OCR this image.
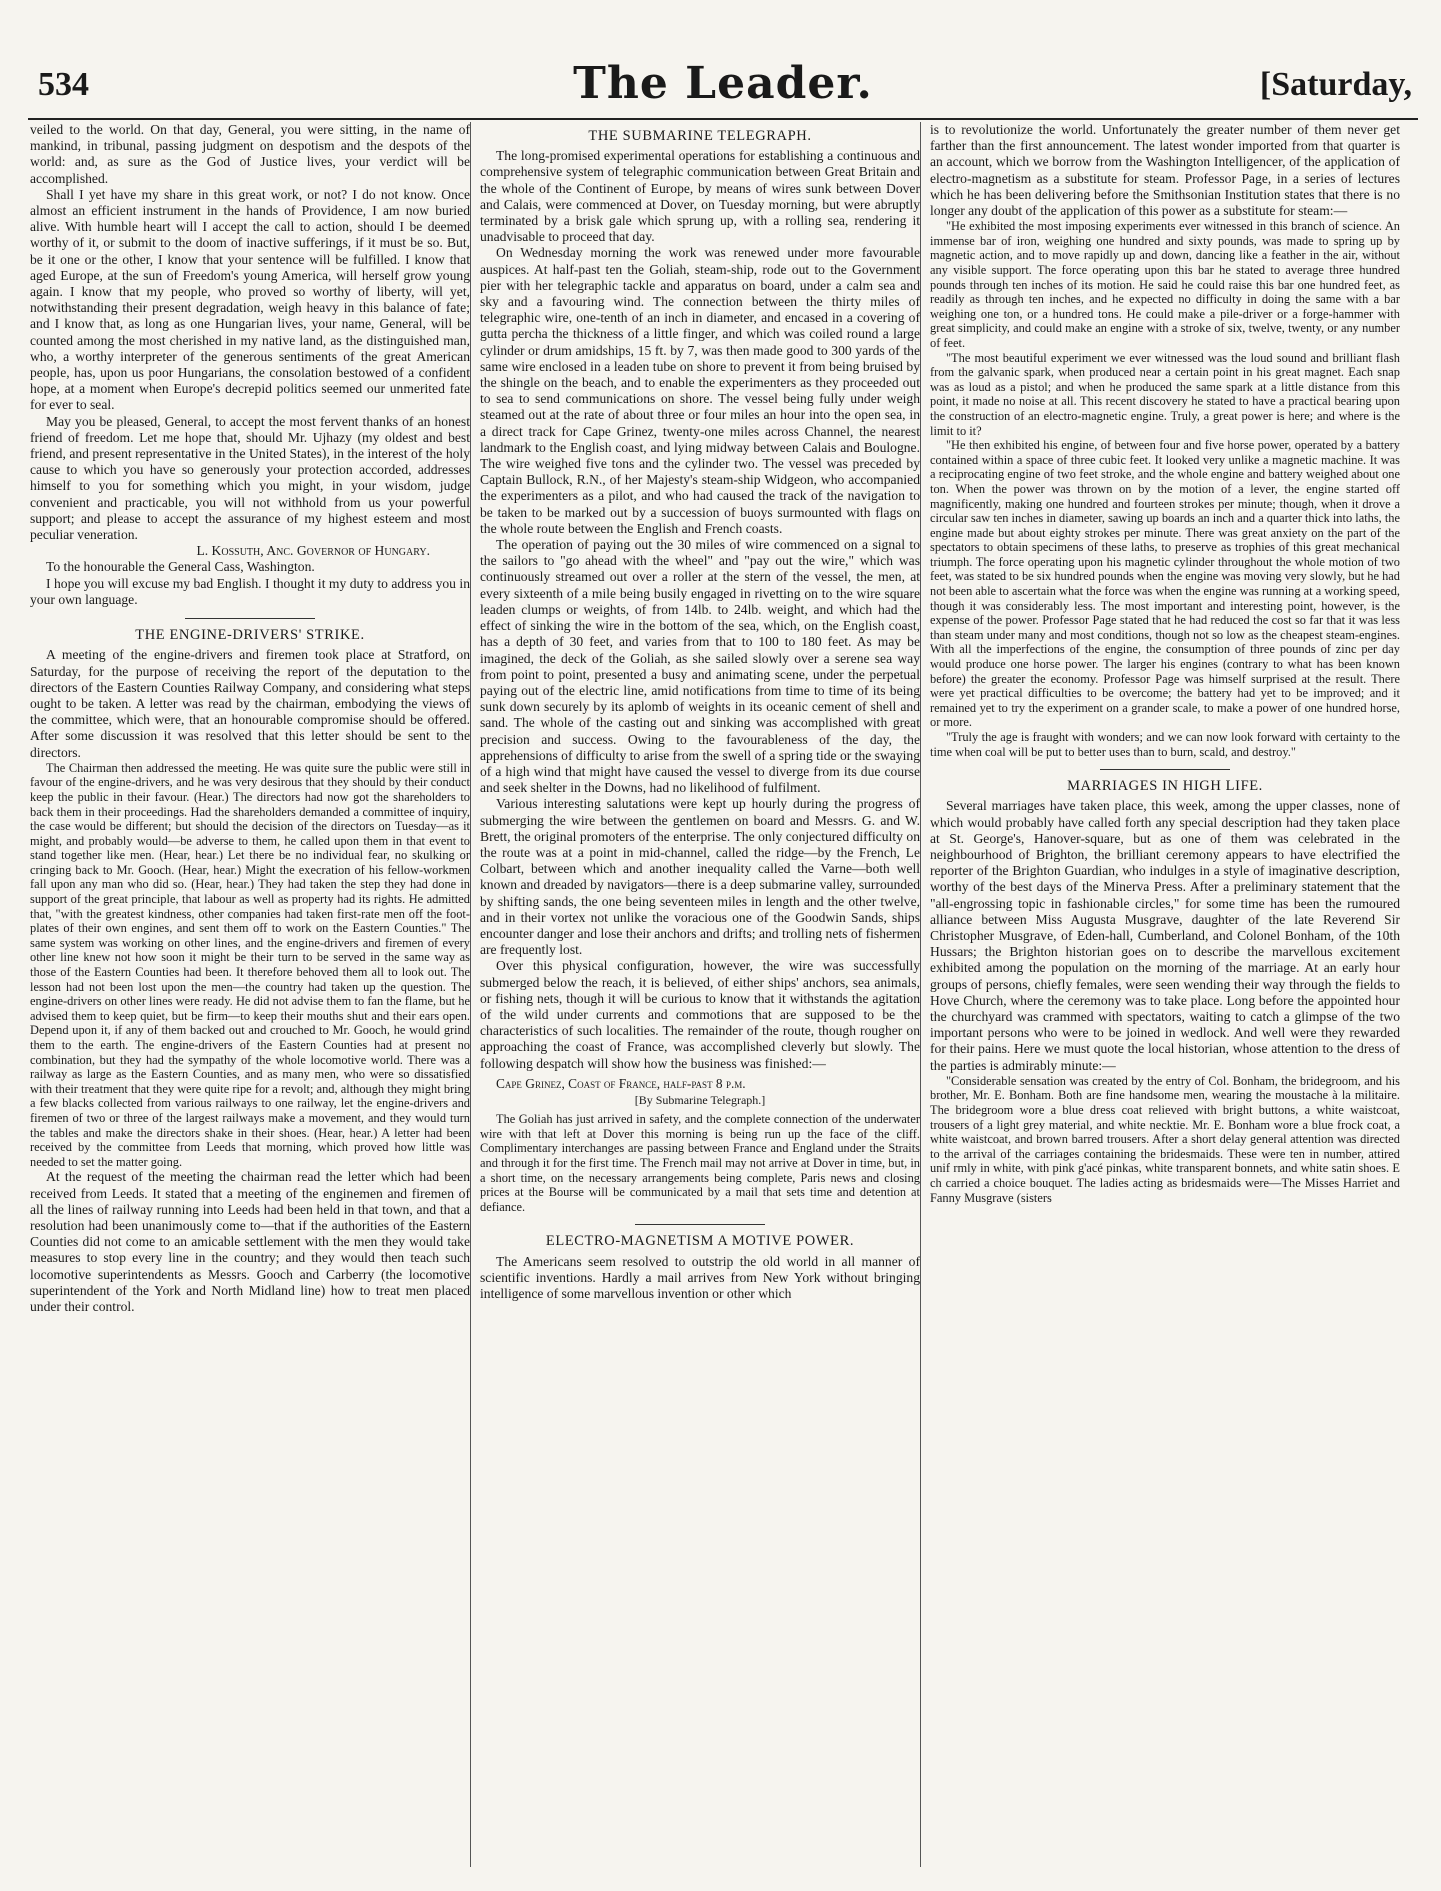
534	The Leader.	[Saturday,

veiled to the world. On that day, General, you were sitting, in the name of mankind, in tribunal, passing judgment on despotism and the despots of the world: and, as sure as the God of Justice lives, your verdict will be accomplished.

Shall I yet have my share in this great work, or not? I do not know. Once almost an efficient instrument in the hands of Providence, I am now buried alive. With humble heart will I accept the call to action, should I be deemed worthy of it, or submit to the doom of inactive sufferings, if it must be so. But, be it one or the other, I know that your sentence will be fulfilled. I know that aged Europe, at the sun of Freedom's young America, will herself grow young again. I know that my people, who proved so worthy of liberty, will yet, notwithstanding their present degradation, weigh heavy in this balance of fate; and I know that, as long as one Hungarian lives, your name, General, will be counted among the most cherished in my native land, as the distinguished man, who, a worthy interpreter of the generous sentiments of the great American people, has, upon us poor Hungarians, the consolation bestowed of a confident hope, at a moment when Europe's decrepid politics seemed our unmerited fate for ever to seal.

May you be pleased, General, to accept the most fervent thanks of an honest friend of freedom. Let me hope that, should Mr. Ujhazy (my oldest and best friend, and present representative in the United States), in the interest of the holy cause to which you have so generously your protection accorded, addresses himself to you for something which you might, in your wisdom, judge convenient and practicable, you will not withhold from us your powerful support; and please to accept the assurance of my highest esteem and most peculiar veneration.

L. Kossuth, Anc. Governor of Hungary.

To the honourable the General Cass, Washington.

I hope you will excuse my bad English. I thought it my duty to address you in your own language.

THE ENGINE-DRIVERS' STRIKE.

A meeting of the engine-drivers and firemen took place at Stratford, on Saturday, for the purpose of receiving the report of the deputation to the directors of the Eastern Counties Railway Company, and considering what steps ought to be taken. A letter was read by the chairman, embodying the views of the committee, which were, that an honourable compromise should be offered. After some discussion it was resolved that this letter should be sent to the directors.

The Chairman then addressed the meeting. He was quite sure the public were still in favour of the engine-drivers, and he was very desirous that they should by their conduct keep the public in their favour. (Hear.) The directors had now got the shareholders to back them in their proceedings. Had the shareholders demanded a committee of inquiry, the case would be different; but should the decision of the directors on Tuesday—as it might, and probably would—be adverse to them, he called upon them in that event to stand together like men. (Hear, hear.) Let there be no individual fear, no skulking or cringing back to Mr. Gooch. (Hear, hear.) Might the execration of his fellow-workmen fall upon any man who did so. (Hear, hear.) They had taken the step they had done in support of the great principle, that labour as well as property had its rights. He admitted that, "with the greatest kindness, other companies had taken first-rate men off the foot-plates of their own engines, and sent them off to work on the Eastern Counties." The same system was working on other lines, and the engine-drivers and firemen of every other line knew not how soon it might be their turn to be served in the same way as those of the Eastern Counties had been. It therefore behoved them all to look out. The lesson had not been lost upon the men—the country had taken up the question. The engine-drivers on other lines were ready. He did not advise them to fan the flame, but he advised them to keep quiet, but be firm—to keep their mouths shut and their ears open. Depend upon it, if any of them backed out and crouched to Mr. Gooch, he would grind them to the earth. The engine-drivers of the Eastern Counties had at present no combination, but they had the sympathy of the whole locomotive world. There was a railway as large as the Eastern Counties, and as many men, who were so dissatisfied with their treatment that they were quite ripe for a revolt; and, although they might bring a few blacks collected from various railways to one railway, let the engine-drivers and firemen of two or three of the largest railways make a movement, and they would turn the tables and make the directors shake in their shoes. (Hear, hear.) A letter had been received by the committee from Leeds that morning, which proved how little was needed to set the matter going.

At the request of the meeting the chairman read the letter which had been received from Leeds. It stated that a meeting of the enginemen and firemen of all the lines of railway running into Leeds had been held in that town, and that a resolution had been unanimously come to—that if the authorities of the Eastern Counties did not come to an amicable settlement with the men they would take measures to stop every line in the country; and they would then teach such locomotive superintendents as Messrs. Gooch and Carberry (the locomotive superintendent of the York and North Midland line) how to treat men placed under their control.

THE SUBMARINE TELEGRAPH.

The long-promised experimental operations for establishing a continuous and comprehensive system of telegraphic communication between Great Britain and the whole of the Continent of Europe, by means of wires sunk between Dover and Calais, were commenced at Dover, on Tuesday morning, but were abruptly terminated by a brisk gale which sprung up, with a rolling sea, rendering it unadvisable to proceed that day.

On Wednesday morning the work was renewed under more favourable auspices. At half-past ten the Goliah, steam-ship, rode out to the Government pier with her telegraphic tackle and apparatus on board, under a calm sea and sky and a favouring wind. The connection between the thirty miles of telegraphic wire, one-tenth of an inch in diameter, and encased in a covering of gutta percha the thickness of a little finger, and which was coiled round a large cylinder or drum amidships, 15 ft. by 7, was then made good to 300 yards of the same wire enclosed in a leaden tube on shore to prevent it from being bruised by the shingle on the beach, and to enable the experimenters as they proceeded out to sea to send communications on shore. The vessel being fully under weigh steamed out at the rate of about three or four miles an hour into the open sea, in a direct track for Cape Grinez, twenty-one miles across Channel, the nearest landmark to the English coast, and lying midway between Calais and Boulogne. The wire weighed five tons and the cylinder two. The vessel was preceded by Captain Bullock, R.N., of her Majesty's steam-ship Widgeon, who accompanied the experimenters as a pilot, and who had caused the track of the navigation to be taken to be marked out by a succession of buoys surmounted with flags on the whole route between the English and French coasts.

The operation of paying out the 30 miles of wire commenced on a signal to the sailors to "go ahead with the wheel" and "pay out the wire," which was continuously streamed out over a roller at the stern of the vessel, the men, at every sixteenth of a mile being busily engaged in rivetting on to the wire square leaden clumps or weights, of from 14lb. to 24lb. weight, and which had the effect of sinking the wire in the bottom of the sea, which, on the English coast, has a depth of 30 feet, and varies from that to 100 to 180 feet. As may be imagined, the deck of the Goliah, as she sailed slowly over a serene sea way from point to point, presented a busy and animating scene, under the perpetual paying out of the electric line, amid notifications from time to time of its being sunk down securely by its aplomb of weights in its oceanic cement of shell and sand. The whole of the casting out and sinking was accomplished with great precision and success. Owing to the favourableness of the day, the apprehensions of difficulty to arise from the swell of a spring tide or the swaying of a high wind that might have caused the vessel to diverge from its due course and seek shelter in the Downs, had no likelihood of fulfilment.

Various interesting salutations were kept up hourly during the progress of submerging the wire between the gentlemen on board and Messrs. G. and W. Brett, the original promoters of the enterprise. The only conjectured difficulty on the route was at a point in mid-channel, called the ridge—by the French, Le Colbart, between which and another inequality called the Varne—both well known and dreaded by navigators—there is a deep submarine valley, surrounded by shifting sands, the one being seventeen miles in length and the other twelve, and in their vortex not unlike the voracious one of the Goodwin Sands, ships encounter danger and lose their anchors and drifts; and trolling nets of fishermen are frequently lost.

Over this physical configuration, however, the wire was successfully submerged below the reach, it is believed, of either ships' anchors, sea animals, or fishing nets, though it will be curious to know that it withstands the agitation of the wild under currents and commotions that are supposed to be the characteristics of such localities. The remainder of the route, though rougher on approaching the coast of France, was accomplished cleverly but slowly. The following despatch will show how the business was finished:—

Cape Grinez, Coast of France, half-past 8 p.m.

[By Submarine Telegraph.]

The Goliah has just arrived in safety, and the complete connection of the underwater wire with that left at Dover this morning is being run up the face of the cliff. Complimentary interchanges are passing between France and England under the Straits and through it for the first time. The French mail may not arrive at Dover in time, but, in a short time, on the necessary arrangements being complete, Paris news and closing prices at the Bourse will be communicated by a mail that sets time and detention at defiance.

ELECTRO-MAGNETISM A MOTIVE POWER.

The Americans seem resolved to outstrip the old world in all manner of scientific inventions. Hardly a mail arrives from New York without bringing intelligence of some marvellous invention or other which

is to revolutionize the world. Unfortunately the greater number of them never get farther than the first announcement. The latest wonder imported from that quarter is an account, which we borrow from the Washington Intelligencer, of the application of electro-magnetism as a substitute for steam. Professor Page, in a series of lectures which he has been delivering before the Smithsonian Institution states that there is no longer any doubt of the application of this power as a substitute for steam:—

"He exhibited the most imposing experiments ever witnessed in this branch of science. An immense bar of iron, weighing one hundred and sixty pounds, was made to spring up by magnetic action, and to move rapidly up and down, dancing like a feather in the air, without any visible support. The force operating upon this bar he stated to average three hundred pounds through ten inches of its motion. He said he could raise this bar one hundred feet, as readily as through ten inches, and he expected no difficulty in doing the same with a bar weighing one ton, or a hundred tons. He could make a pile-driver or a forge-hammer with great simplicity, and could make an engine with a stroke of six, twelve, twenty, or any number of feet.

"The most beautiful experiment we ever witnessed was the loud sound and brilliant flash from the galvanic spark, when produced near a certain point in his great magnet. Each snap was as loud as a pistol; and when he produced the same spark at a little distance from this point, it made no noise at all. This recent discovery he stated to have a practical bearing upon the construction of an electro-magnetic engine. Truly, a great power is here; and where is the limit to it?

"He then exhibited his engine, of between four and five horse power, operated by a battery contained within a space of three cubic feet. It looked very unlike a magnetic machine. It was a reciprocating engine of two feet stroke, and the whole engine and battery weighed about one ton. When the power was thrown on by the motion of a lever, the engine started off magnificently, making one hundred and fourteen strokes per minute; though, when it drove a circular saw ten inches in diameter, sawing up boards an inch and a quarter thick into laths, the engine made but about eighty strokes per minute. There was great anxiety on the part of the spectators to obtain specimens of these laths, to preserve as trophies of this great mechanical triumph. The force operating upon his magnetic cylinder throughout the whole motion of two feet, was stated to be six hundred pounds when the engine was moving very slowly, but he had not been able to ascertain what the force was when the engine was running at a working speed, though it was considerably less. The most important and interesting point, however, is the expense of the power. Professor Page stated that he had reduced the cost so far that it was less than steam under many and most conditions, though not so low as the cheapest steam-engines. With all the imperfections of the engine, the consumption of three pounds of zinc per day would produce one horse power. The larger his engines (contrary to what has been known before) the greater the economy. Professor Page was himself surprised at the result. There were yet practical difficulties to be overcome; the battery had yet to be improved; and it remained yet to try the experiment on a grander scale, to make a power of one hundred horse, or more.

"Truly the age is fraught with wonders; and we can now look forward with certainty to the time when coal will be put to better uses than to burn, scald, and destroy."

MARRIAGES IN HIGH LIFE.

Several marriages have taken place, this week, among the upper classes, none of which would probably have called forth any special description had they taken place at St. George's, Hanover-square, but as one of them was celebrated in the neighbourhood of Brighton, the brilliant ceremony appears to have electrified the reporter of the Brighton Guardian, who indulges in a style of imaginative description, worthy of the best days of the Minerva Press. After a preliminary statement that the "all-engrossing topic in fashionable circles," for some time has been the rumoured alliance between Miss Augusta Musgrave, daughter of the late Reverend Sir Christopher Musgrave, of Eden-hall, Cumberland, and Colonel Bonham, of the 10th Hussars; the Brighton historian goes on to describe the marvellous excitement exhibited among the population on the morning of the marriage. At an early hour groups of persons, chiefly females, were seen wending their way through the fields to Hove Church, where the ceremony was to take place. Long before the appointed hour the churchyard was crammed with spectators, waiting to catch a glimpse of the two important persons who were to be joined in wedlock. And well were they rewarded for their pains. Here we must quote the local historian, whose attention to the dress of the parties is admirably minute:—

"Considerable sensation was created by the entry of Col. Bonham, the bridegroom, and his brother, Mr. E. Bonham. Both are fine handsome men, wearing the moustache à la militaire. The bridegroom wore a blue dress coat relieved with bright buttons, a white waistcoat, trousers of a light grey material, and white necktie. Mr. E. Bonham wore a blue frock coat, a white waistcoat, and brown barred trousers. After a short delay general attention was directed to the arrival of the carriages containing the bridesmaids. These were ten in number, attired unif rmly in white, with pink g'acé pinkas, white transparent bonnets, and white satin shoes. E ch carried a choice bouquet. The ladies acting as bridesmaids were—The Misses Harriet and Fanny Musgrave (sisters
